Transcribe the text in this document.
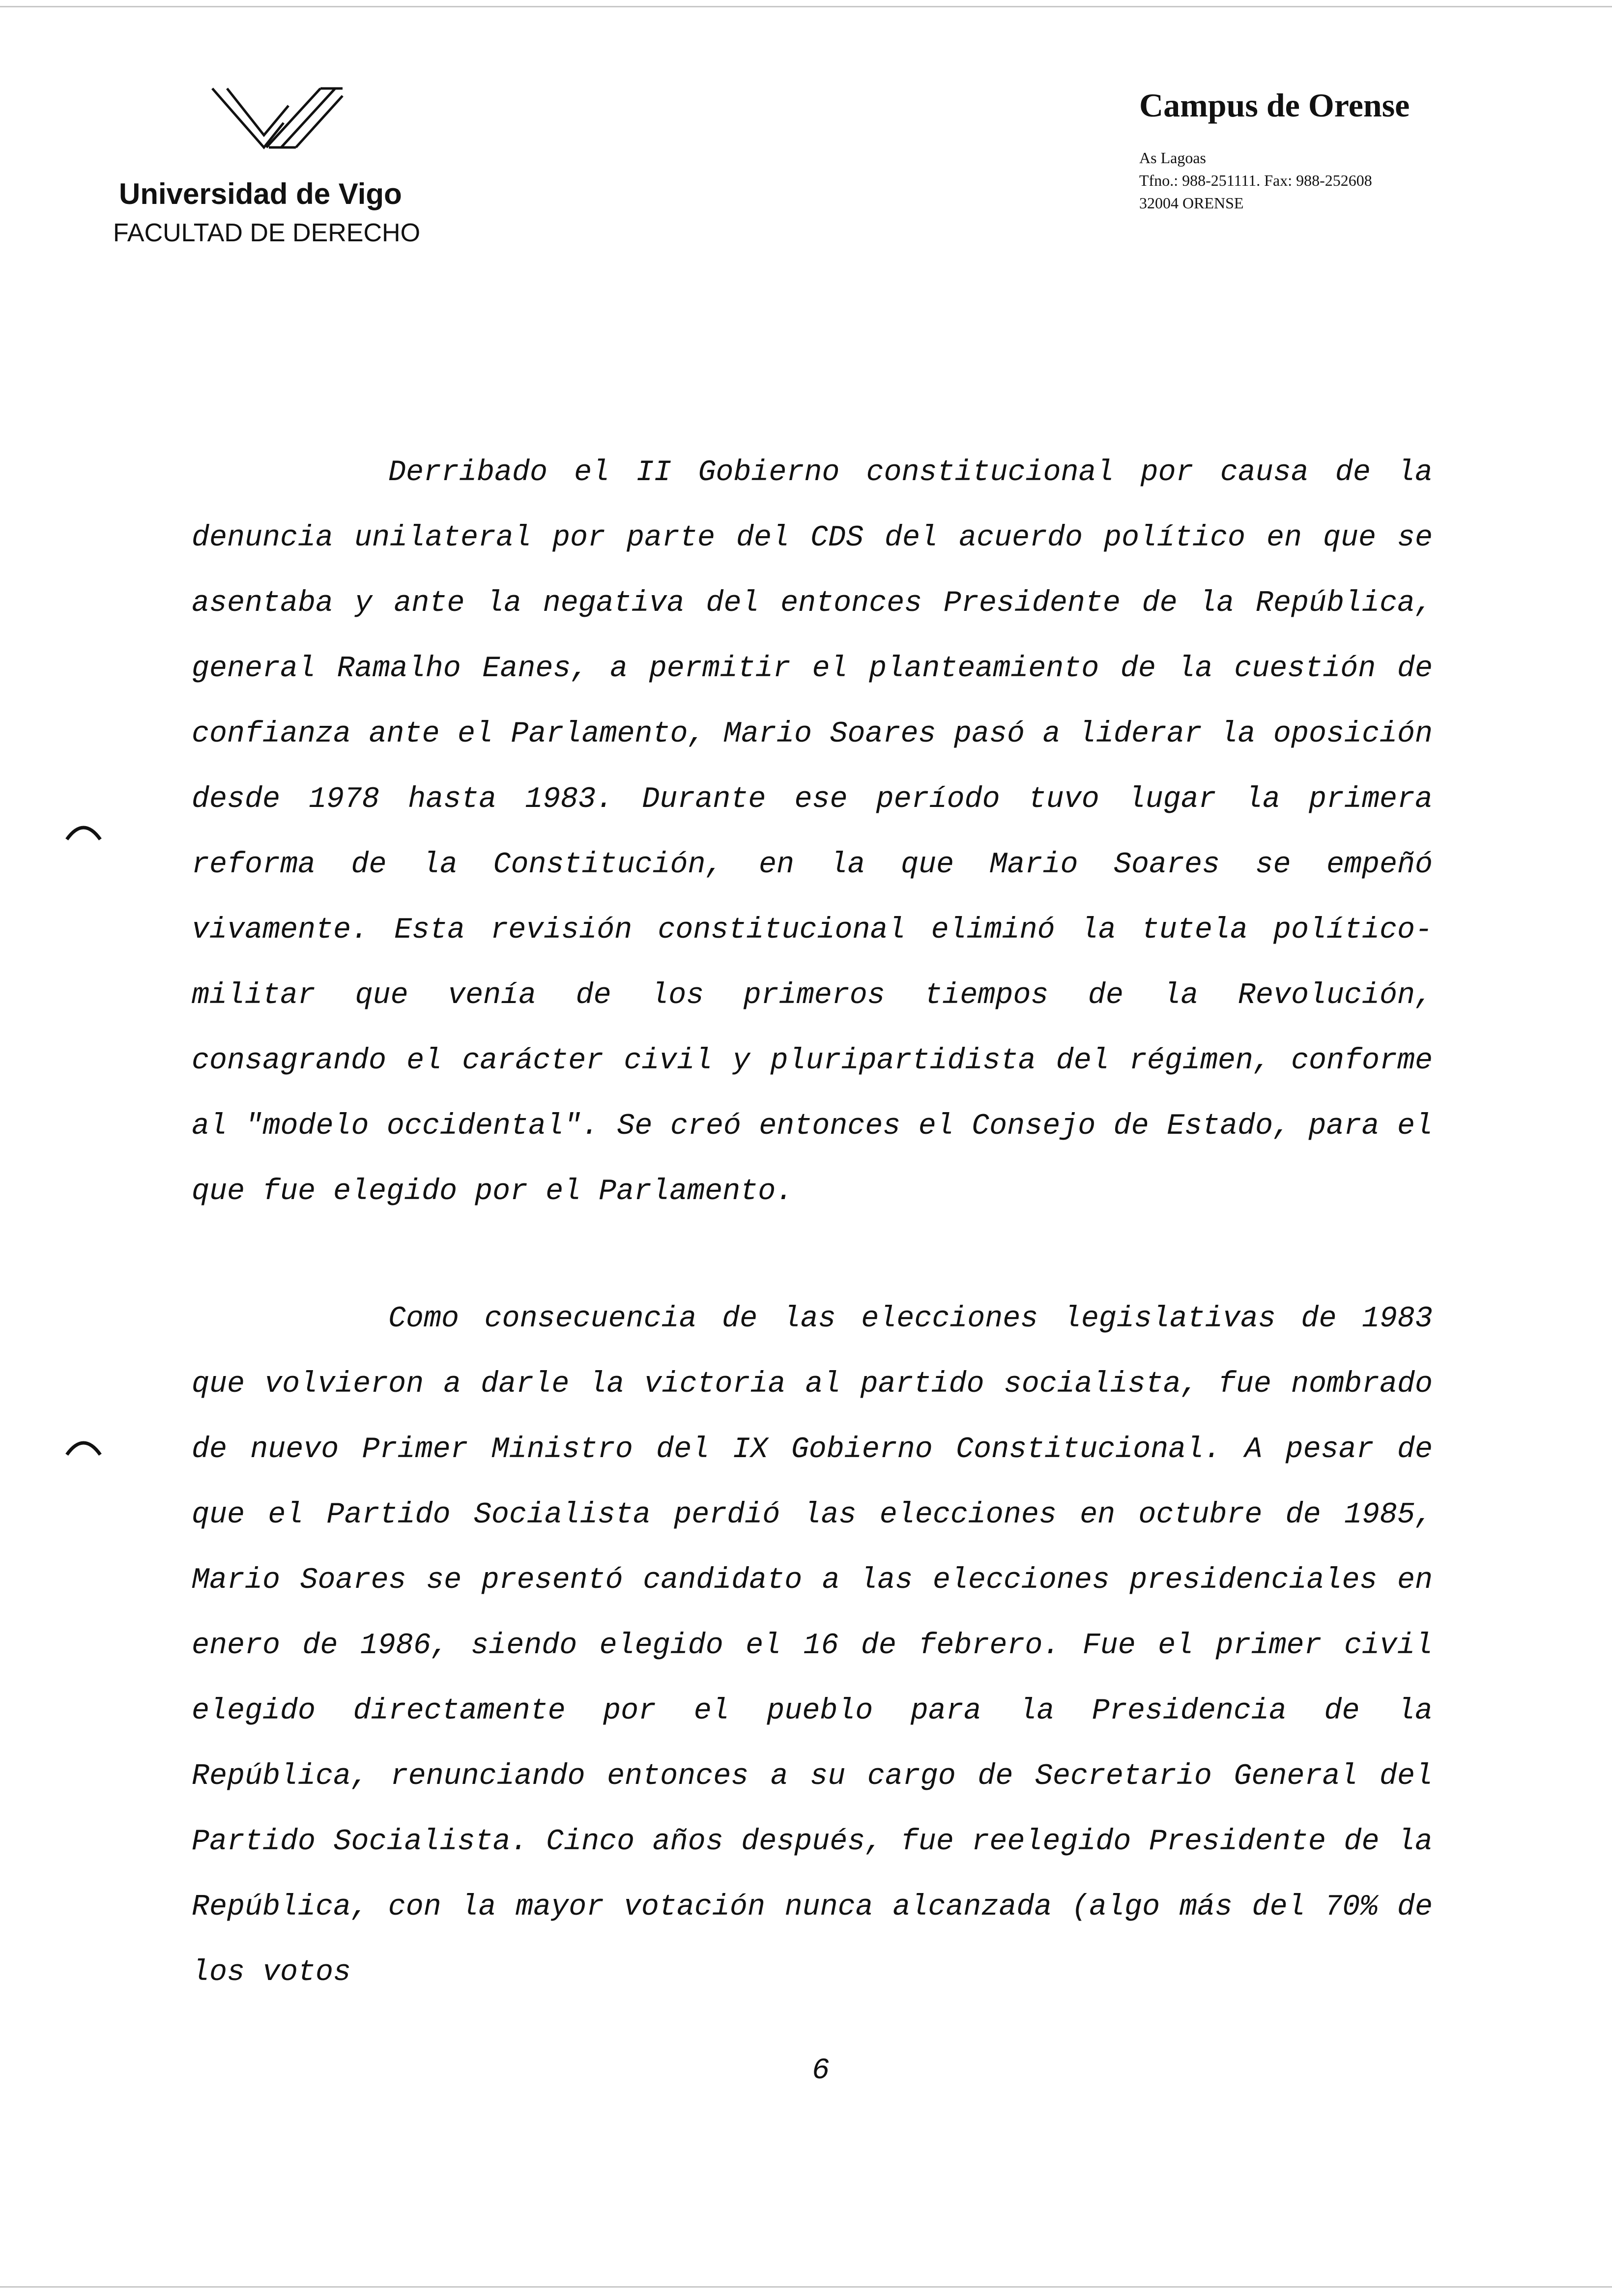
Universidad de Vigo
FACULTAD DE DERECHO
Campus de Orense
As Lagoas
Tfno.: 988-251111. Fax: 988-252608
32004 ORENSE

Derribado el II Gobierno constitucional por causa de la denuncia unilateral por parte del CDS del acuerdo político en que se asentaba y ante la negativa del entonces Presidente de la República, general Ramalho Eanes, a permitir el planteamiento de la cuestión de confianza ante el Parlamento, Mario Soares pasó a liderar la oposición desde 1978 hasta 1983. Durante ese período tuvo lugar la primera reforma de la Constitución, en la que Mario Soares se empeñó vivamente. Esta revisión constitucional eliminó la tutela político-militar que venía de los primeros tiempos de la Revolución, consagrando el carácter civil y pluripartidista del régimen, conforme al "modelo occidental". Se creó entonces el Consejo de Estado, para el que fue elegido por el Parlamento.

Como consecuencia de las elecciones legislativas de 1983 que volvieron a darle la victoria al partido socialista, fue nombrado de nuevo Primer Ministro del IX Gobierno Constitucional. A pesar de que el Partido Socialista perdió las elecciones en octubre de 1985, Mario Soares se presentó candidato a las elecciones presidenciales en enero de 1986, siendo elegido el 16 de febrero. Fue el primer civil elegido directamente por el pueblo para la Presidencia de la República, renunciando entonces a su cargo de Secretario General del Partido Socialista. Cinco años después, fue reelegido Presidente de la República, con la mayor votación nunca alcanzada (algo más del 70% de los votos

6
